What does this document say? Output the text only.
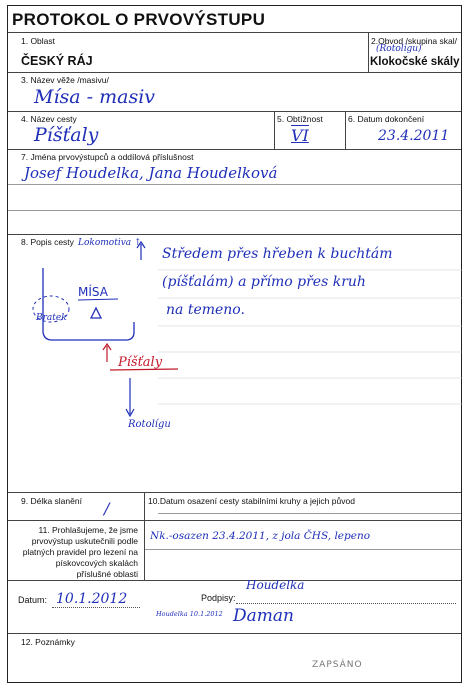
PROTOKOL O PRVOVÝSTUPU
1. Oblast
ČESKÝ RÁJ
2.Obvod /skupina skal/
(Rotolígu)
Klokočské skály
3. Název věže /masivu/
Mísa - masiv
4. Název cesty
Píšťaly
5. Obtížnost
VI
6. Datum dokončení
23.4.2011
7. Jména prvovýstupců a oddílová příslušnost
Josef Houdelka, Jana Houdelková
8. Popis cesty
Středem přes hřeben k buchtám
(píšťalám) a přímo přes kruh
na temeno.
Lokomotiva ↑
MÍSA
Bratek
Píšťaly
Rotolígu
9. Délka slanění /	10.Datum osazení cesty stabilními kruhy a jejich původ
11. Prohlašujeme, že jsme
prvovýstup uskutečnili podle
platných pravidel pro lezení na
pískovcových skalách
příslušné oblasti
Nk.-osazen 23.4.2011, z jola ČHS, lepeno
Datum: 10.1.2012	Podpisy:
Houdelka
Daman
Houdelka 10.1.2012
12. Poznámky
ZAPSÁNO
